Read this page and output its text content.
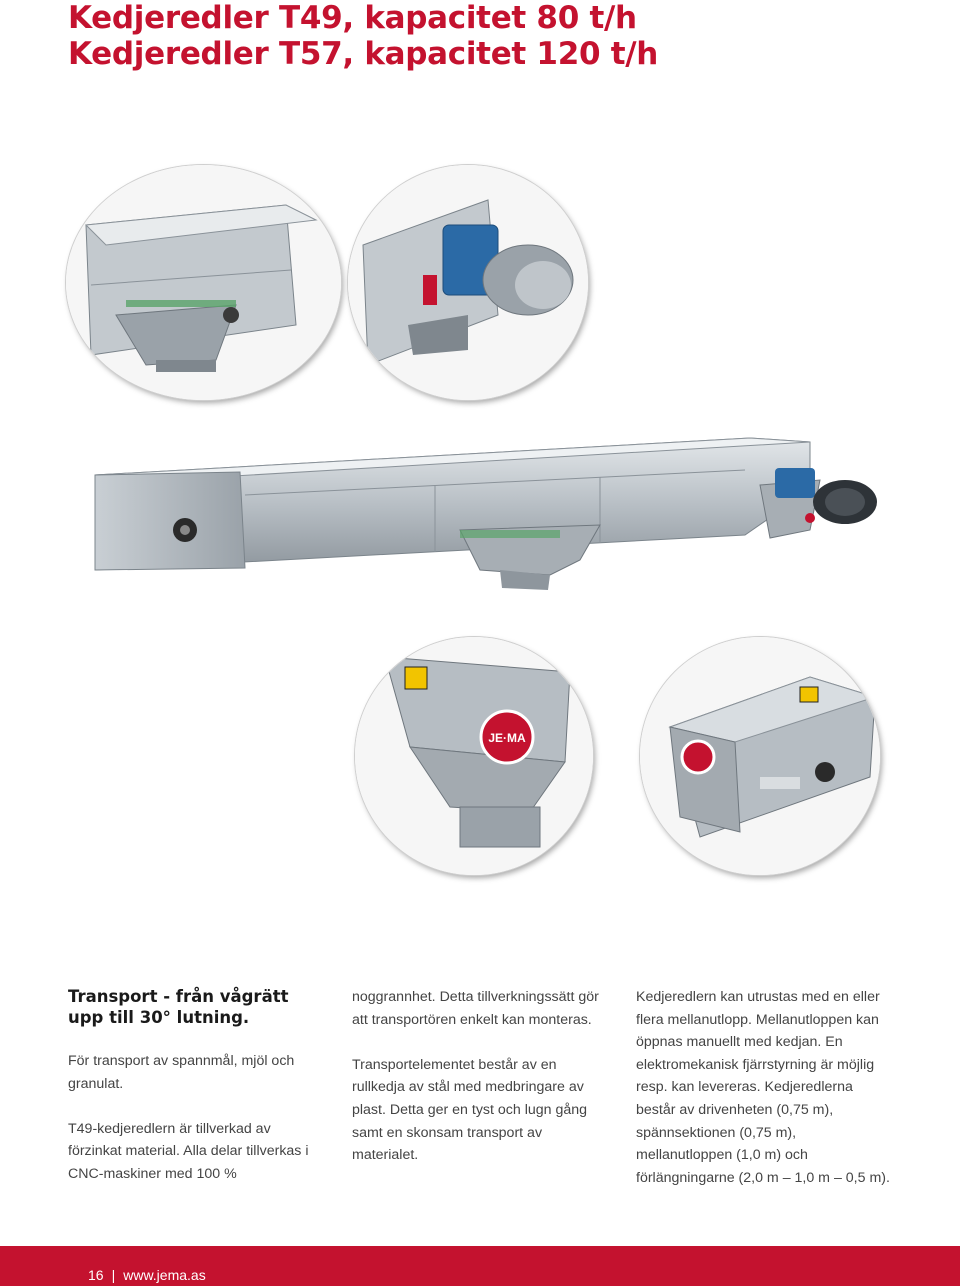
Kedjeredler T49, kapacitet 80 t/h
Kedjeredler T57, kapacitet 120 t/h
JE·MA
Transport - från vågrätt
upp till 30° lutning.

För transport av spannmål, mjöl och granulat.

T49-kedjeredlern är tillverkad av förzinkat material. Alla delar tillverkas i CNC-maskiner med 100 %

noggrannhet. Detta tillverkningssätt gör att transportören enkelt kan monteras.

Transportelementet består av en rullkedja av stål med medbringare av plast. Detta ger en tyst och lugn gång samt en skonsam transport av materialet.

Kedjeredlern kan utrustas med en eller flera mellanutlopp. Mellanutloppen kan öppnas manuellt med kedjan. En elektromekanisk fjärrstyrning är möjlig resp. kan levereras. Kedjeredlerna består av drivenheten (0,75 m), spännsektionen (0,75 m), mellanutloppen (1,0 m) och förlängningarne (2,0 m – 1,0 m – 0,5 m).

16 | www.jema.as
